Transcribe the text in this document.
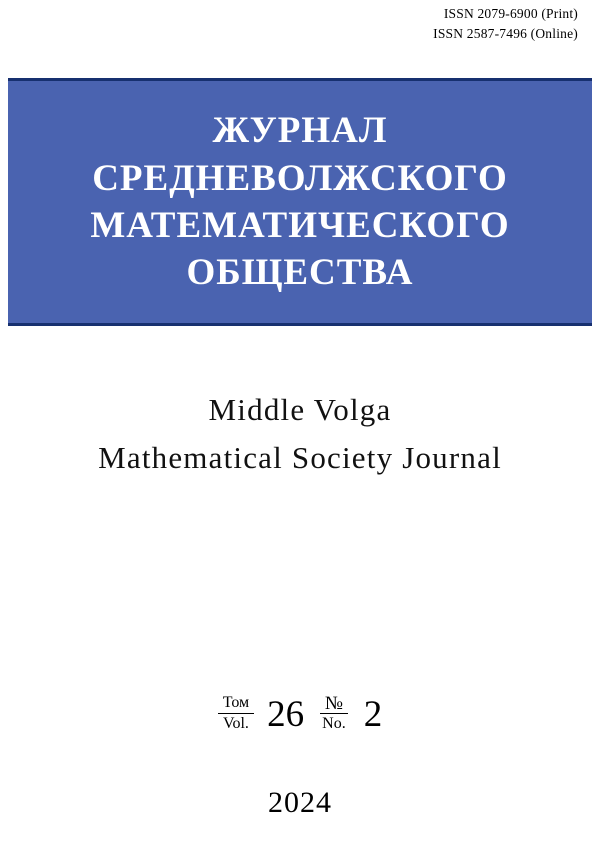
ISSN 2079-6900 (Print)
ISSN 2587-7496 (Online)
ЖУРНАЛ
СРЕДНЕВОЛЖСКОГО
МАТЕМАТИЧЕСКОГО
ОБЩЕСТВА
Middle Volga
Mathematical Society Journal
Том
Vol. 26 №
No. 2
2024
